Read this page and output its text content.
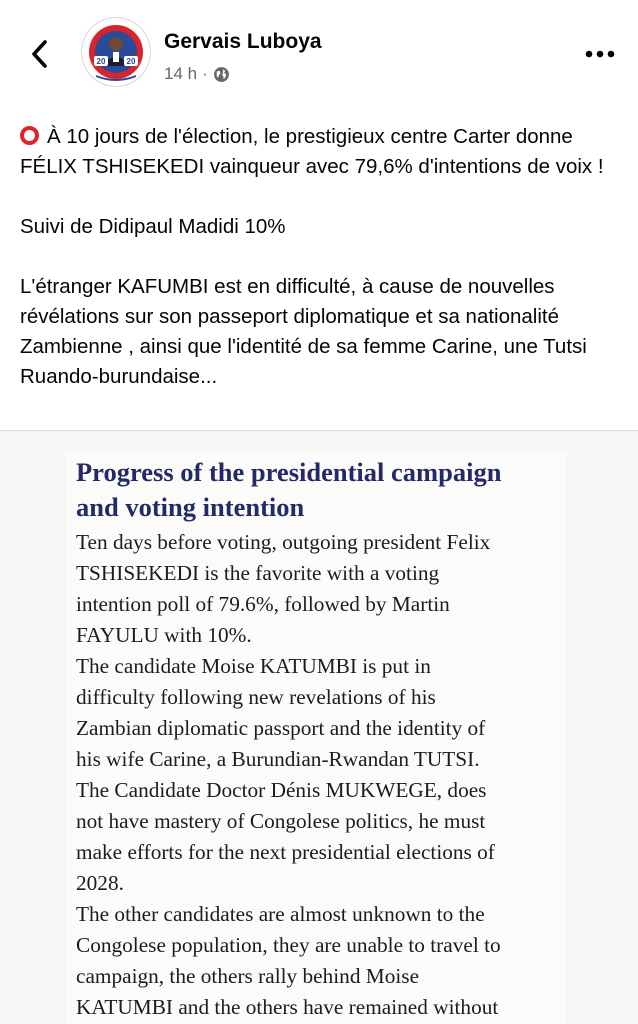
20	20
Gervais Luboya
14 h ·

À 10 jours de l'élection, le prestigieux centre Carter donne FÉLIX TSHISEKEDI vainqueur avec 79,6% d'intentions de voix !

Suivi de Didipaul Madidi 10%

L'étranger KAFUMBI est en difficulté, à cause de nouvelles révélations sur son passeport diplomatique et sa nationalité Zambienne , ainsi que l'identité de sa femme Carine, une Tutsi Ruando-burundaise...

Progress of the presidential campaign
and voting intention
Ten days before voting, outgoing president Felix
TSHISEKEDI is the favorite with a voting
intention poll of 79.6%, followed by Martin
FAYULU with 10%.
The candidate Moise KATUMBI is put in
difficulty following new revelations of his
Zambian diplomatic passport and the identity of
his wife Carine, a Burundian-Rwandan TUTSI.
The Candidate Doctor Dénis MUKWEGE, does
not have mastery of Congolese politics, he must
make efforts for the next presidential elections of
2028.
The other candidates are almost unknown to the
Congolese population, they are unable to travel to
campaign, the others rally behind Moise
KATUMBI and the others have remained without
